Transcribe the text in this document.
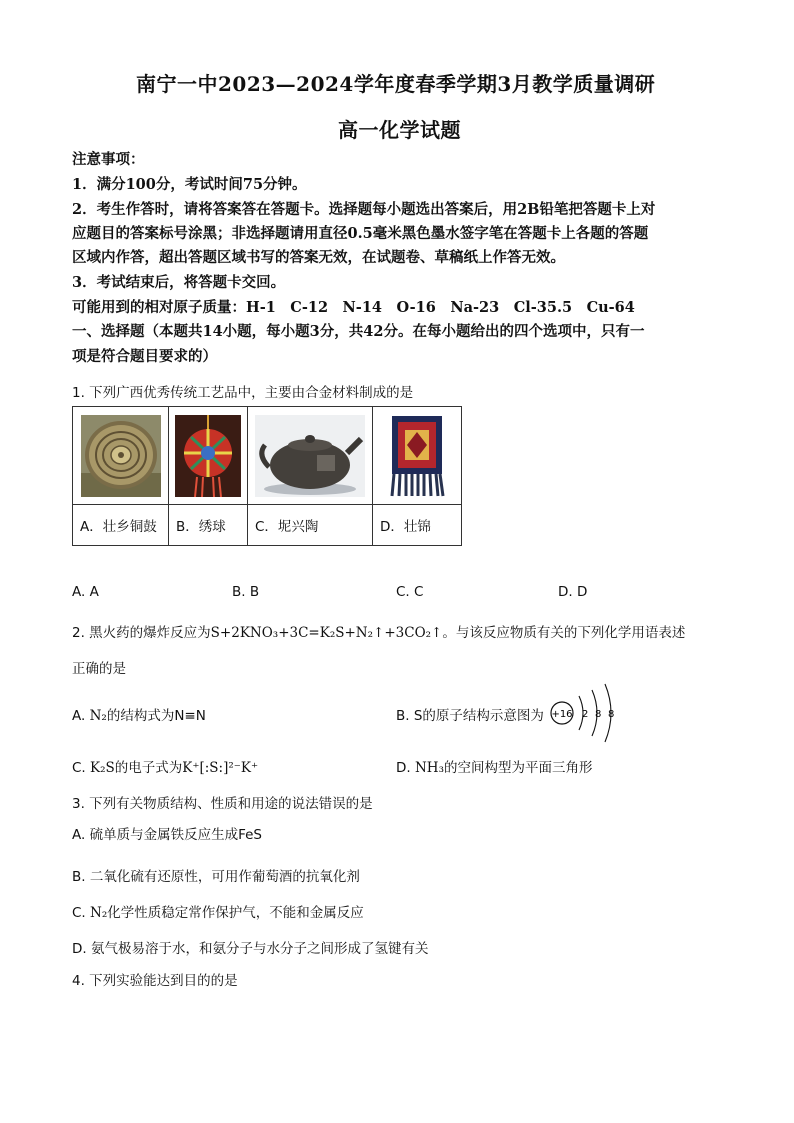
南宁一中2023—2024学年度春季学期3月教学质量调研
高一化学试题
注意事项：
1．满分100分，考试时间75分钟。
2．考生作答时，请将答案答在答题卡。选择题每小题选出答案后，用2B铅笔把答题卡上对
应题目的答案标号涂黑；非选择题请用直径0.5毫米黑色墨水签字笔在答题卡上各题的答题
区域内作答，超出答题区域书写的答案无效，在试题卷、草稿纸上作答无效。
3．考试结束后，将答题卡交回。
可能用到的相对原子质量：H-1　C-12　N-14　O-16　Na-23　Cl-35.5　Cu-64
一、选择题（本题共14小题，每小题3分，共42分。在每小题给出的四个选项中，只有一
项是符合题目要求的）
1. 下列广西优秀传统工艺品中，主要由合金材料制成的是

A．壮乡铜鼓	B．绣球	C．坭兴陶	D．壮锦
A. A	B. B	C. C	D. D
2. 黑火药的爆炸反应为S+2KNO₃+3C=K₂S+N₂↑+3CO₂↑。与该反应物质有关的下列化学用语表述
正确的是
A. N₂的结构式为N≡N	B. S的原子结构示意图为 +16 2 8 8
C. K₂S的电子式为K⁺[:S:]²⁻K⁺	D. NH₃的空间构型为平面三角形
3. 下列有关物质结构、性质和用途的说法错误的是
A. 硫单质与金属铁反应生成FeS
B. 二氧化硫有还原性，可用作葡萄酒的抗氧化剂
C. N₂化学性质稳定常作保护气，不能和金属反应
D. 氨气极易溶于水，和氨分子与水分子之间形成了氢键有关
4. 下列实验能达到目的的是
